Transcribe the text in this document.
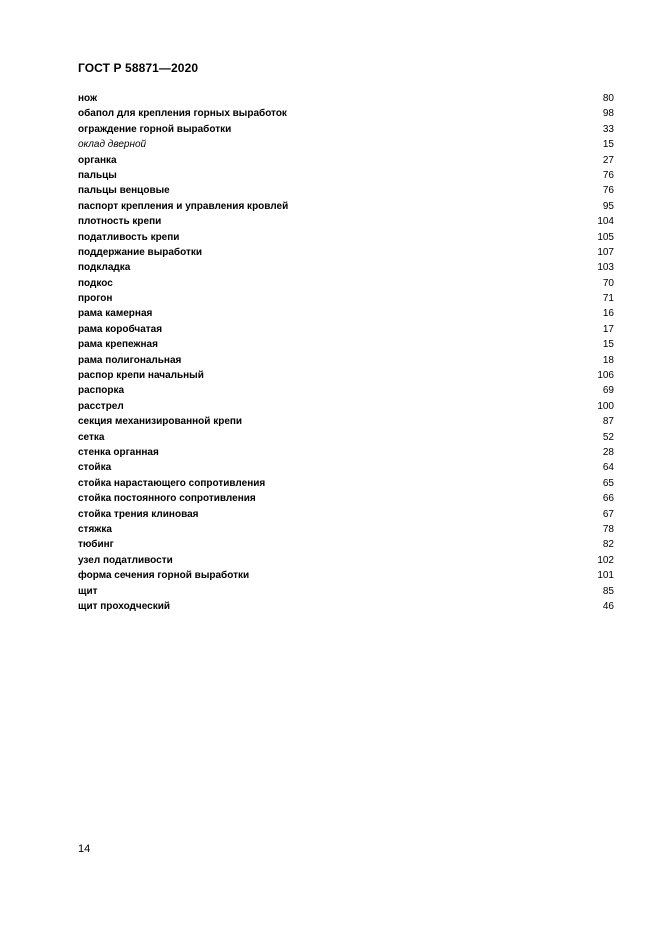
ГОСТ Р 58871—2020
нож	80
обапол для крепления горных выработок	98
ограждение горной выработки	33
оклад дверной	15
органка	27
пальцы	76
пальцы венцовые	76
паспорт крепления и управления кровлей	95
плотность крепи	104
податливость крепи	105
поддержание выработки	107
подкладка	103
подкос	70
прогон	71
рама камерная	16
рама коробчатая	17
рама крепежная	15
рама полигональная	18
распор крепи начальный	106
распорка	69
расстрел	100
секция механизированной крепи	87
сетка	52
стенка органная	28
стойка	64
стойка нарастающего сопротивления	65
стойка постоянного сопротивления	66
стойка трения клиновая	67
стяжка	78
тюбинг	82
узел податливости	102
форма сечения горной выработки	101
щит	85
щит проходческий	46
14
